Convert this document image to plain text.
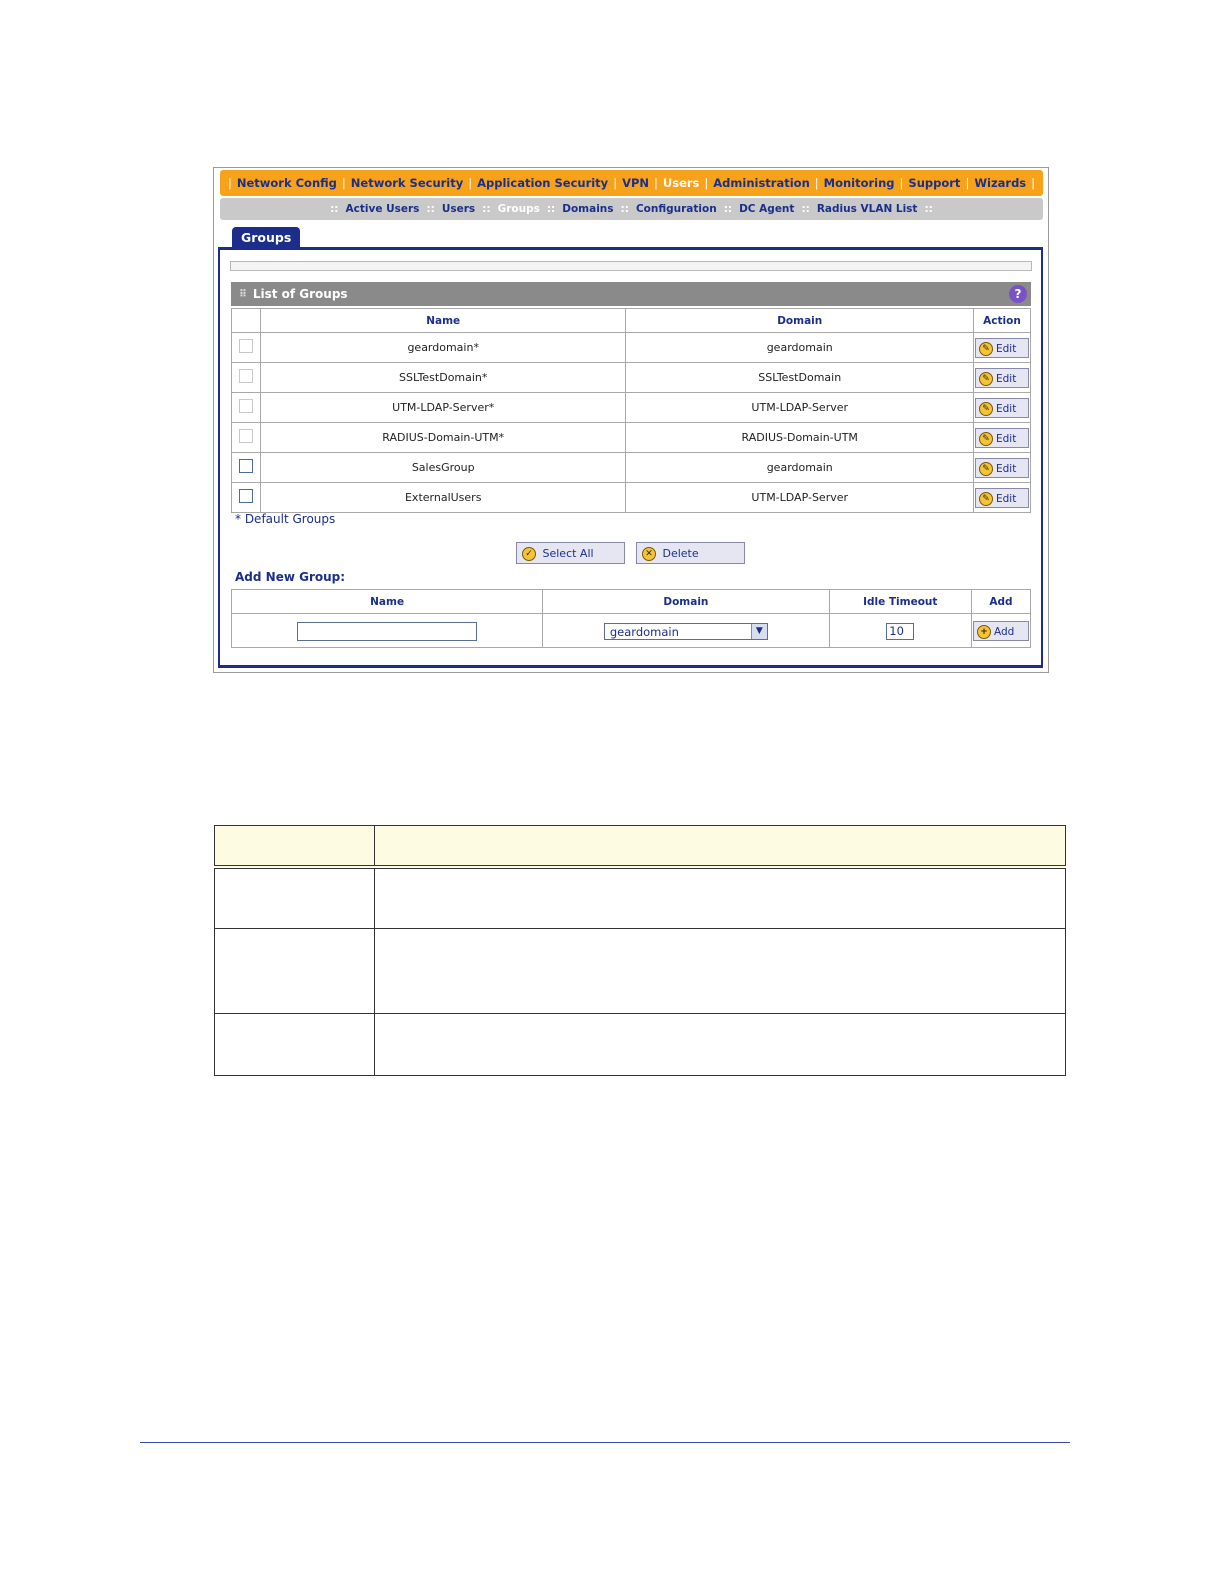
| Network Config | Network Security | Application Security | VPN | Users | Administration | Monitoring | Support | Wizards |
:: Active Users :: Users :: Groups :: Domains :: Configuration :: DC Agent :: Radius VLAN List ::
Groups
⠿ List of Groups	?
	Name	Domain	Action
	geardomain*	geardomain	✎ Edit
	SSLTestDomain*	SSLTestDomain	✎ Edit
	UTM-LDAP-Server*	UTM-LDAP-Server	✎ Edit
	RADIUS-Domain-UTM*	RADIUS-Domain-UTM	✎ Edit
	SalesGroup	geardomain	✎ Edit
	ExternalUsers	UTM-LDAP-Server	✎ Edit
* Default Groups
✓ Select All	✕ Delete
Add New Group:
Name	Domain	Idle Timeout	Add

	geardomain ▼	10	+ Add
